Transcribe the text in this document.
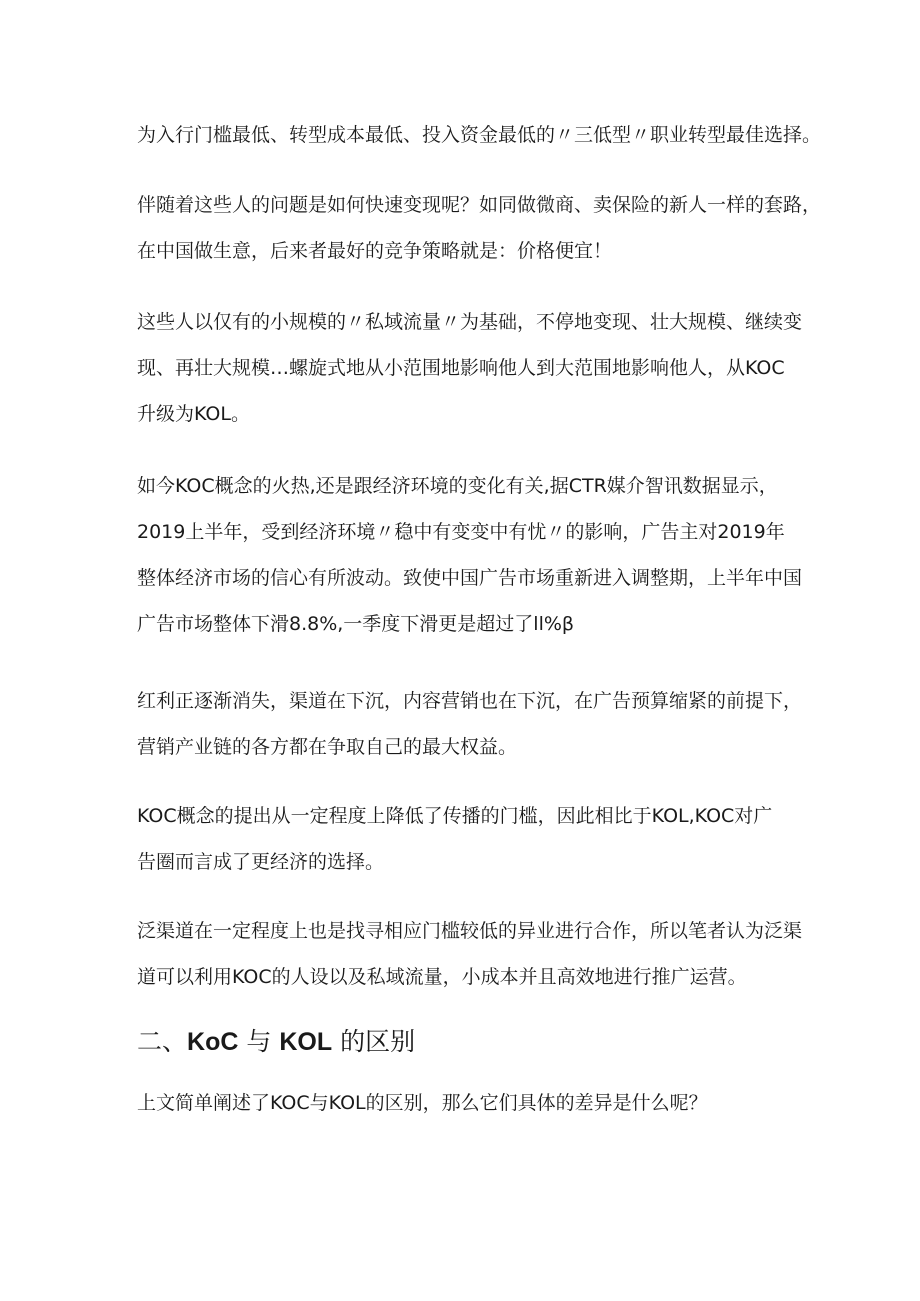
为入行门槛最低、转型成本最低、投入资金最低的〃三低型〃职业转型最佳选择。

伴随着这些人的问题是如何快速变现呢？如同做微商、卖保险的新人一样的套路，
在中国做生意，后来者最好的竞争策略就是：价格便宜！

这些人以仅有的小规模的〃私域流量〃为基础，不停地变现、壮大规模、继续变
现、再壮大规模…螺旋式地从小范围地影响他人到大范围地影响他人，从KOC
升级为KOL。

如今KOC概念的火热,还是跟经济环境的变化有关,据CTR媒介智讯数据显示，
2019上半年，受到经济环境〃稳中有变变中有忧〃的影响，广告主对2019年
整体经济市场的信心有所波动。致使中国广告市场重新进入调整期，上半年中国
广告市场整体下滑8.8%,一季度下滑更是超过了ll%β

红利正逐渐消失，渠道在下沉，内容营销也在下沉，在广告预算缩紧的前提下，
营销产业链的各方都在争取自己的最大权益。

KOC概念的提出从一定程度上降低了传播的门槛，因此相比于KOL,KOC对广
告圈而言成了更经济的选择。

泛渠道在一定程度上也是找寻相应门槛较低的异业进行合作，所以笔者认为泛渠
道可以利用KOC的人设以及私域流量，小成本并且高效地进行推广运营。

二、KoC 与 KOL 的区别

上文简单阐述了KOC与KOL的区别，那么它们具体的差异是什么呢？
